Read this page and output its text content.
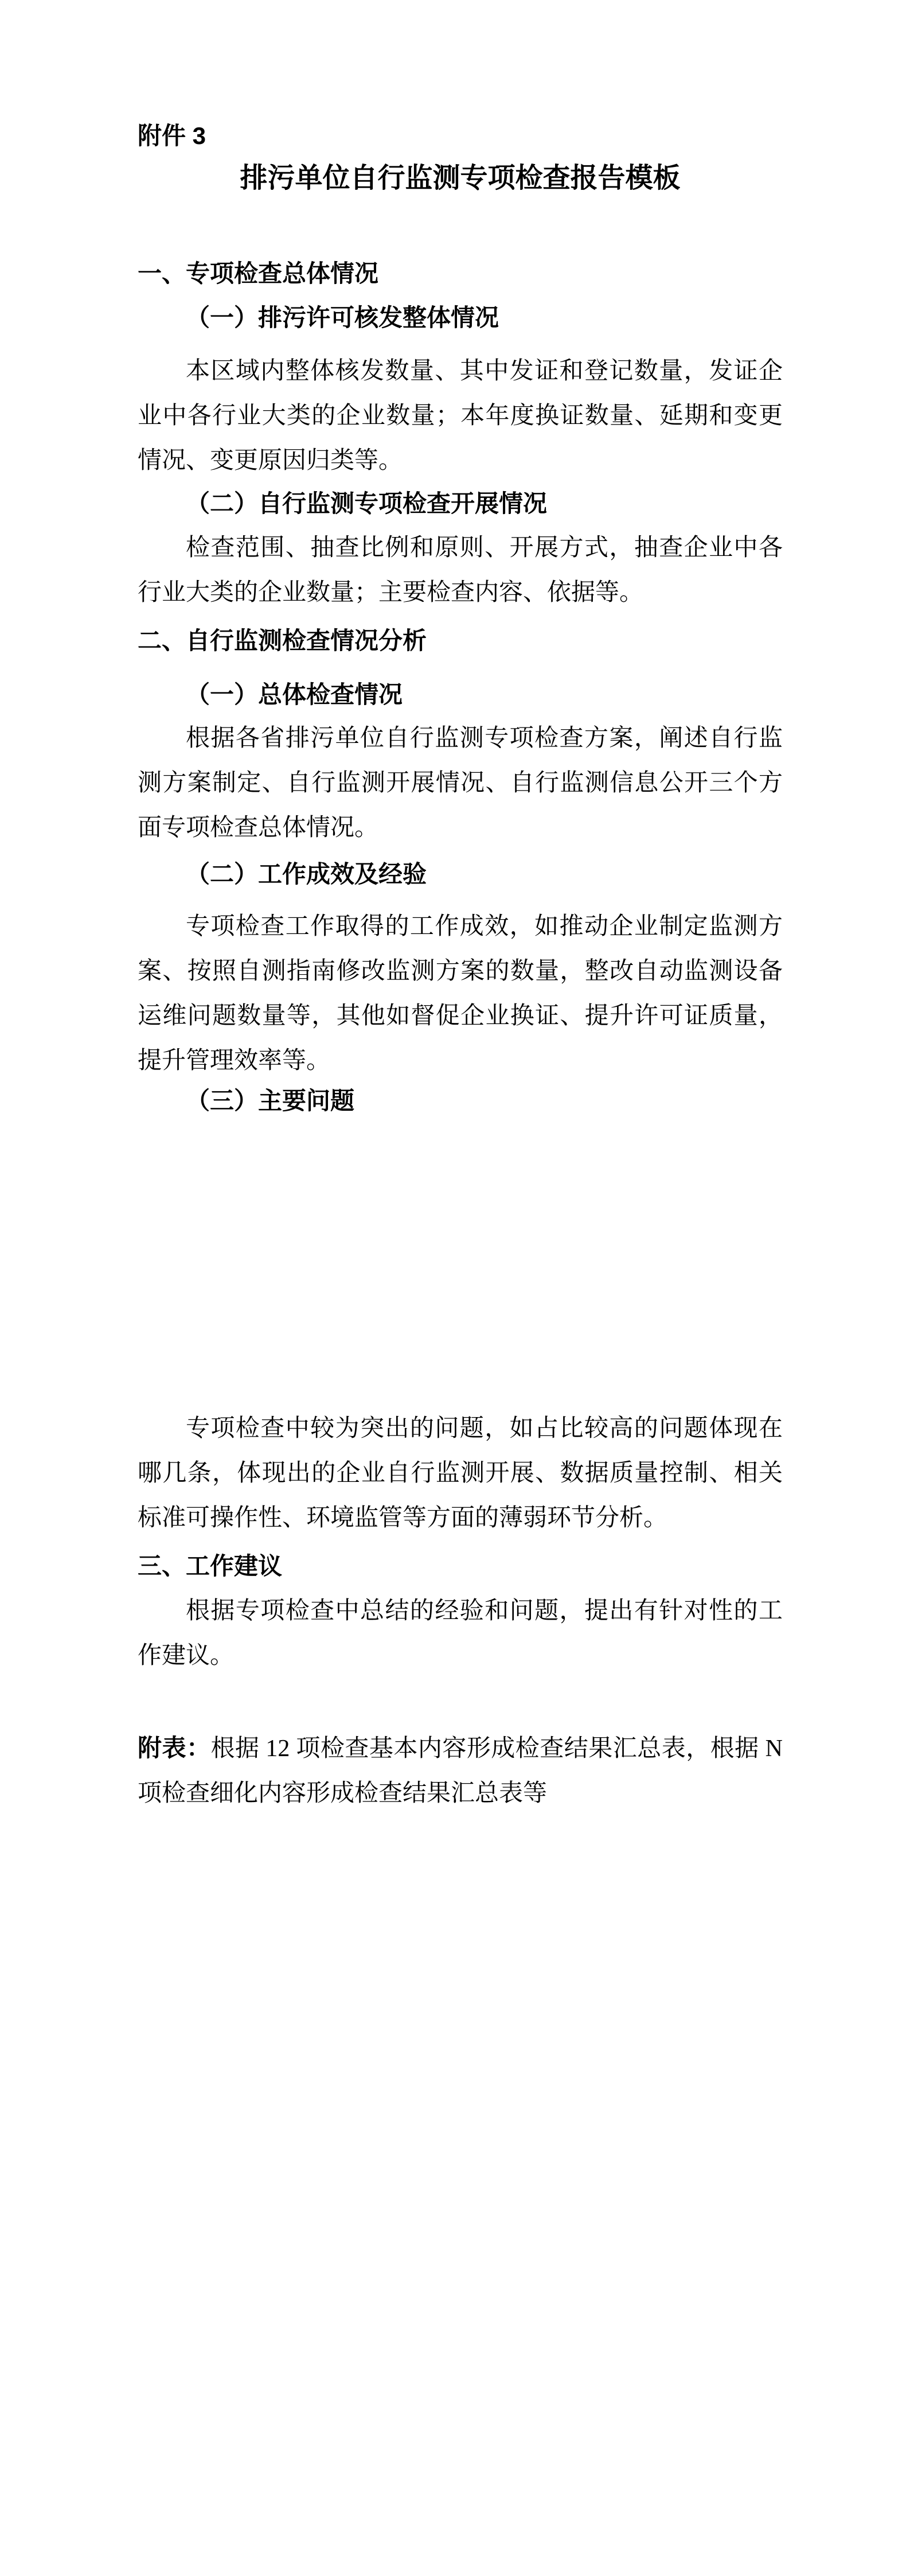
附件 3
排污单位自行监测专项检查报告模板
一、专项检查总体情况
（一）排污许可核发整体情况
本区域内整体核发数量、其中发证和登记数量，发证企业中各行业大类的企业数量；本年度换证数量、延期和变更情况、变更原因归类等。
（二）自行监测专项检查开展情况
检查范围、抽查比例和原则、开展方式，抽查企业中各行业大类的企业数量；主要检查内容、依据等。
二、自行监测检查情况分析
（一）总体检查情况
根据各省排污单位自行监测专项检查方案，阐述自行监测方案制定、自行监测开展情况、自行监测信息公开三个方面专项检查总体情况。
（二）工作成效及经验
专项检查工作取得的工作成效，如推动企业制定监测方案、按照自测指南修改监测方案的数量，整改自动监测设备运维问题数量等，其他如督促企业换证、提升许可证质量，提升管理效率等。
（三）主要问题
专项检查中较为突出的问题，如占比较高的问题体现在哪几条，体现出的企业自行监测开展、数据质量控制、相关标准可操作性、环境监管等方面的薄弱环节分析。
三、工作建议
根据专项检查中总结的经验和问题，提出有针对性的工作建议。
附表：根据 12 项检查基本内容形成检查结果汇总表，根据 N 项检查细化内容形成检查结果汇总表等
